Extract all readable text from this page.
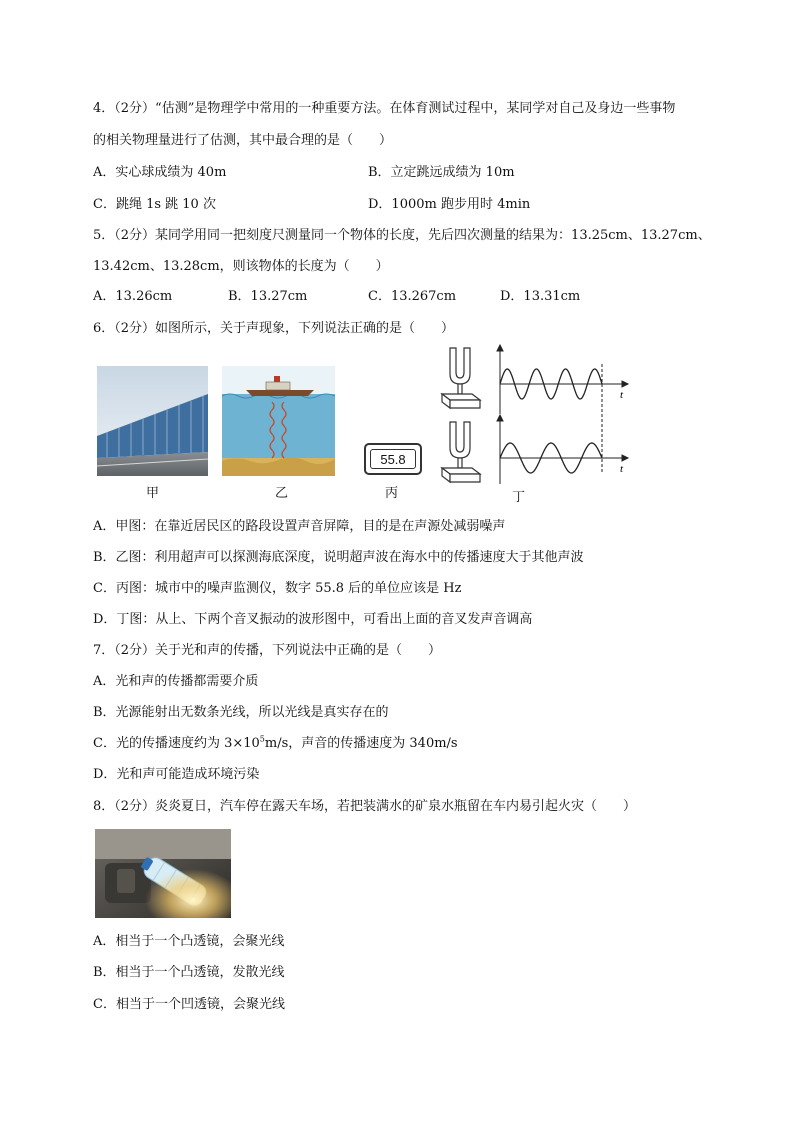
4．（2分）“估测”是物理学中常用的一种重要方法。在体育测试过程中，某同学对自己及身边一些事物
的相关物理量进行了估测，其中最合理的是（　　）
A．实心球成绩为 40m	B．立定跳远成绩为 10m
C．跳绳 1s 跳 10 次	D．1000m 跑步用时 4min
5．（2分）某同学用同一把刻度尺测量同一个物体的长度，先后四次测量的结果为：13.25cm、13.27cm、
13.42cm、13.28cm，则该物体的长度为（　　）
A．13.26cm	B．13.27cm	C．13.267cm	D．13.31cm
6．（2分）如图所示，关于声现象，下列说法正确的是（　　）
甲	乙
55.8
丙
t
t
丁
A．甲图：在靠近居民区的路段设置声音屏障，目的是在声源处减弱噪声
B．乙图：利用超声可以探测海底深度，说明超声波在海水中的传播速度大于其他声波
C．丙图：城市中的噪声监测仪，数字 55.8 后的单位应该是 Hz
D．丁图：从上、下两个音叉振动的波形图中，可看出上面的音叉发声音调高
7．（2分）关于光和声的传播，下列说法中正确的是（　　）
A．光和声的传播都需要介质
B．光源能射出无数条光线，所以光线是真实存在的
C．光的传播速度约为 $3\times 10^5m/s$，声音的传播速度为 340m/s
D．光和声可能造成环境污染
8．（2分）炎炎夏日，汽车停在露天车场，若把装满水的矿泉水瓶留在车内易引起火灾（　　）
A．相当于一个凸透镜，会聚光线
B．相当于一个凸透镜，发散光线
C．相当于一个凹透镜，会聚光线
